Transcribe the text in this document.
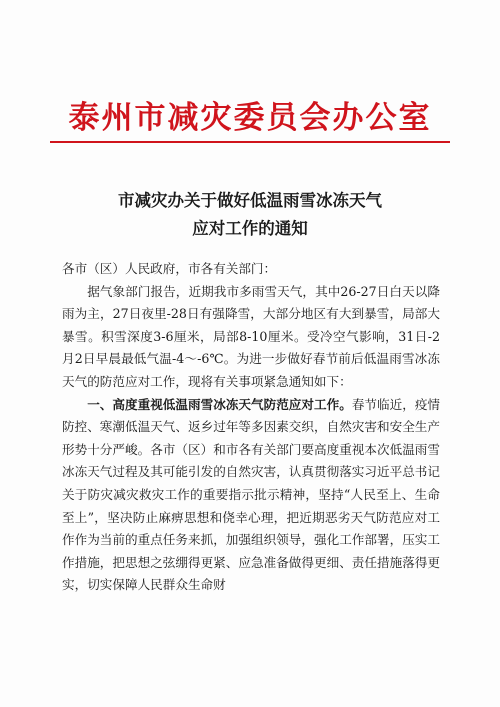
泰州市减灾委员会办公室
市减灾办关于做好低温雨雪冰冻天气
应对工作的通知

各市（区）人民政府，市各有关部门：

据气象部门报告，近期我市多雨雪天气，其中26-27日白天以降雨为主，27日夜里-28日有强降雪，大部分地区有大到暴雪，局部大暴雪。积雪深度3-6厘米，局部8-10厘米。受冷空气影响，31日-2月2日早晨最低气温-4～-6℃。为进一步做好春节前后低温雨雪冰冻天气的防范应对工作，现将有关事项紧急通知如下：

一、高度重视低温雨雪冰冻天气防范应对工作。春节临近，疫情防控、寒潮低温天气、返乡过年等多因素交织，自然灾害和安全生产形势十分严峻。各市（区）和市各有关部门要高度重视本次低温雨雪冰冻天气过程及其可能引发的自然灾害，认真贯彻落实习近平总书记关于防灾减灾救灾工作的重要指示批示精神，坚持“人民至上、生命至上”，坚决防止麻痹思想和侥幸心理，把近期恶劣天气防范应对工作作为当前的重点任务来抓，加强组织领导，强化工作部署，压实工作措施，把思想之弦绷得更紧、应急准备做得更细、责任措施落得更实，切实保障人民群众生命财
